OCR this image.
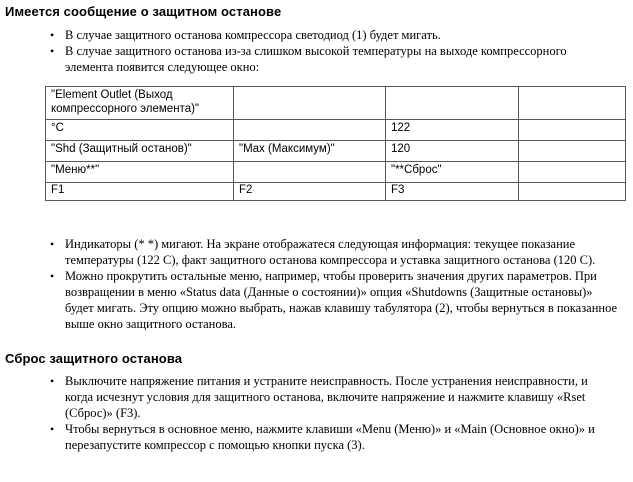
Имеется сообщение о защитном останове
• В случае защитного останова компрессора светодиод (1) будет мигать.
• В случае защитного останова из-за слишком высокой температуры на выходе компрессорного элемента появится следующее окно:
"Element Outlet (Выход компрессорного элемента)"			
°C		122	
"Shd (Защитный останов)"	"Max (Максимум)"	120	
"Меню**"		"**Сброс"	
F1	F2	F3	
• Индикаторы (* *) мигают. На экране отображатеся следующая информация: текущее показание температуры (122 С), факт защитного останова компрессора и уставка защитного останова (120 С).
• Можно прокрутить остальные меню, например, чтобы проверить значения других параметров. При возвращении в меню «Status data (Данные о состоянии)» опция «Shutdowns (Защитные остановы)» будет мигать. Эту опцию можно выбрать, нажав клавишу табулятора (2), чтобы вернуться в показанное выше окно защитного останова.
Сброс защитного останова
• Выключите напряжение питания и устраните неисправность. После устранения неисправности, и когда исчезнут условия для защитного останова, включите напряжение и нажмите клавишу «Rset (Сброс)» (F3).
• Чтобы вернуться в основное меню, нажмите клавиши «Menu (Меню)» и «Main (Основное окно)» и перезапустите компрессор с помощью кнопки пуска (3).
